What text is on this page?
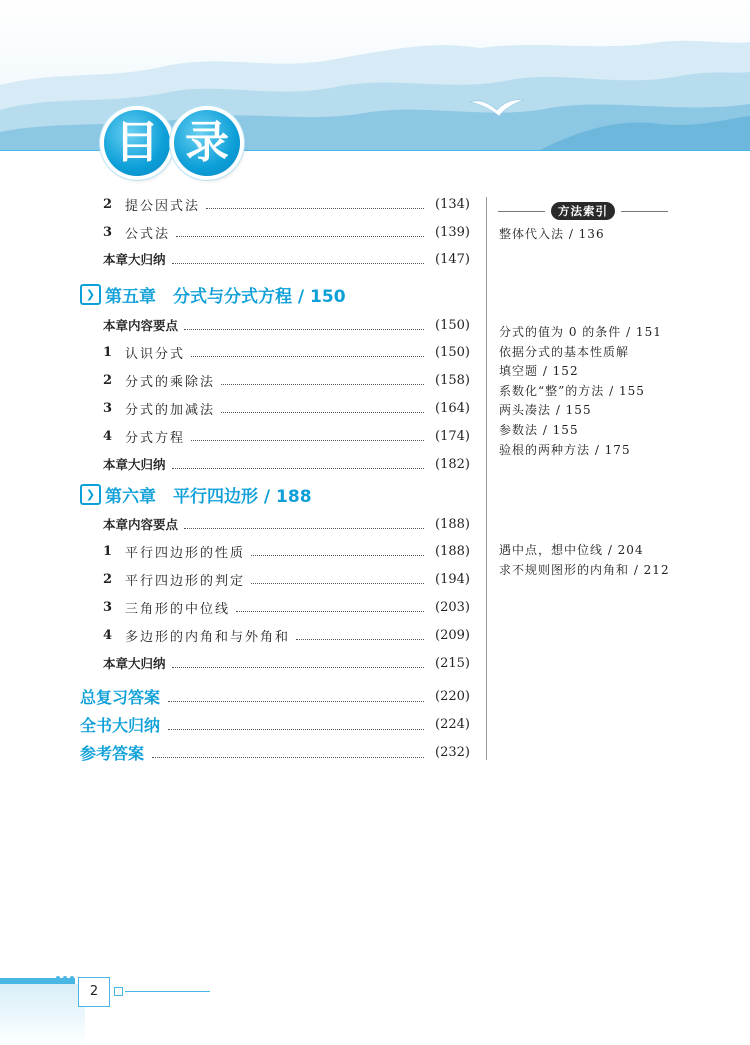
目 录
2 提公因式法	(134)
3 公式法	(139)
本章大归纳	(147)
❯ 第五章　分式与分式方程 / 150
本章内容要点	(150)
1 认识分式	(150)
2 分式的乘除法	(158)
3 分式的加减法	(164)
4 分式方程	(174)
本章大归纳	(182)
❯ 第六章　平行四边形 / 188
本章内容要点	(188)
1 平行四边形的性质	(188)
2 平行四边形的判定	(194)
3 三角形的中位线	(203)
4 多边形的内角和与外角和	(209)
本章大归纳	(215)
总复习答案	(220)
全书大归纳	(224)
参考答案	(232)
方法索引
整体代入法 / 136
分式的值为 0 的条件 / 151
依据分式的基本性质解
填空题 / 152
系数化“整”的方法 / 155
两头凑法 / 155
参数法 / 155
验根的两种方法 / 175
遇中点，想中位线 / 204
求不规则图形的内角和 / 212
2
